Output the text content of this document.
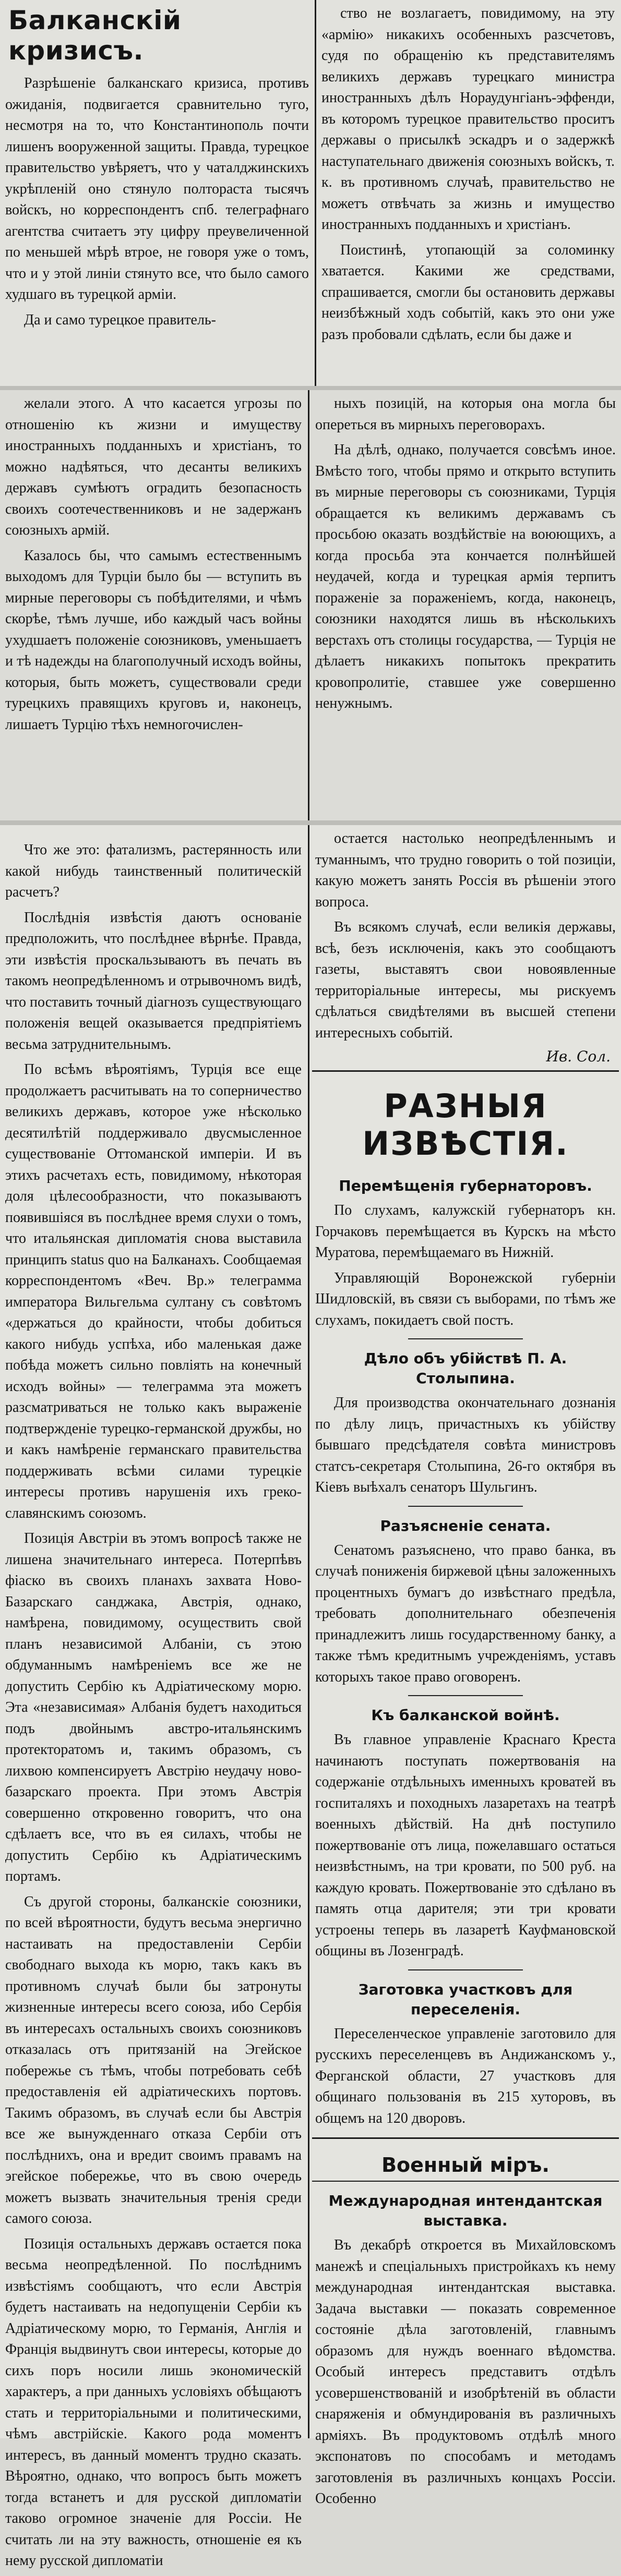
Балканскій кризисъ.

Разрѣшеніе балканскаго кризиса, противъ ожиданія, подвигается сравнительно туго, несмотря на то, что Константинополь почти лишенъ вооруженной защиты. Правда, турецкое правительство увѣряетъ, что у чаталджинскихъ укрѣпленій оно стянуло полтораста тысячъ войскъ, но корреспондентъ спб. телеграфнаго агентства считаетъ эту цифру преувеличенной по меньшей мѣрѣ втрое, не говоря уже о томъ, что и у этой линіи стянуто все, что было самого худшаго въ турецкой арміи.

Да и само турецкое правитель-

ство не возлагаетъ, повидимому, на эту «армію» никакихъ особенныхъ разсчетовъ, судя по обращенію къ представителямъ великихъ державъ турецкаго министра иностранныхъ дѣлъ Нораудунгіанъ-эффенди, въ которомъ турецкое правительство проситъ державы о присылкѣ эскадръ и о задержкѣ наступательнаго движенія союзныхъ войскъ, т. к. въ противномъ случаѣ, правительство не можетъ отвѣчать за жизнь и имущество иностранныхъ подданныхъ и христіанъ.

Поистинѣ, утопающій за соломинку хватается. Какими же средствами, спрашивается, смогли бы остановить державы неизбѣжный ходъ событій, какъ это они уже разъ пробовали сдѣлать, если бы даже и

желали этого. А что касается угрозы по отношенію къ жизни и имуществу иностранныхъ подданныхъ и христіанъ, то можно надѣяться, что десанты великихъ державъ сумѣютъ оградить безопасность своихъ соотечественниковъ и не задержанъ союзныхъ армій.

Казалось бы, что самымъ естественнымъ выходомъ для Турціи было бы — вступить въ мирные переговоры съ побѣдителями, и чѣмъ скорѣе, тѣмъ лучше, ибо каждый часъ войны ухудшаетъ положеніе союзниковъ, уменьшаетъ и тѣ надежды на благополучный исходъ войны, которыя, быть можетъ, существовали среди турецкихъ правящихъ круговъ и, наконецъ, лишаетъ Турцію тѣхъ немногочислен-

ныхъ позицій, на которыя она могла бы опереться въ мирныхъ переговорахъ.

На дѣлѣ, однако, получается совсѣмъ иное. Вмѣсто того, чтобы прямо и открыто вступить въ мирные переговоры съ союзниками, Турція обращается къ великимъ державамъ съ просьбою оказать воздѣйствіе на воюющихъ, а когда просьба эта кончается полнѣйшей неудачей, когда и турецкая армія терпитъ пораженіе за пораженіемъ, когда, наконецъ, союзники находятся лишь въ нѣсколькихъ верстахъ отъ столицы государства, — Турція не дѣлаетъ никакихъ попытокъ прекратить кровопролитіе, ставшее уже совершенно ненужнымъ.

Что же это: фатализмъ, растерянность или какой нибудь таинственный политическій расчетъ?

Послѣднія извѣстія даютъ основаніе предположить, что послѣднее вѣрнѣе. Правда, эти извѣстія проскальзываютъ въ печать въ такомъ неопредѣленномъ и отрывочномъ видѣ, что поставить точный діагнозъ существующаго положенія вещей оказывается предпріятіемъ весьма затруднительнымъ.

По всѣмъ вѣроятіямъ, Турція все еще продолжаетъ расчитывать на то соперничество великихъ державъ, которое уже нѣсколько десятилѣтій поддерживало двусмысленное существованіе Оттоманской имперіи. И въ этихъ расчетахъ есть, повидимому, нѣкоторая доля цѣлесообразности, что показываютъ появившіяся въ послѣднее время слухи о томъ, что итальянская дипломатія снова выставила принципъ status quo на Балканахъ. Сообщаемая корреспондентомъ «Веч. Вр.» телеграмма императора Вильгельма султану съ совѣтомъ «держаться до крайности, чтобы добиться какого нибудь успѣха, ибо маленькая даже побѣда можетъ сильно повліять на конечный исходъ войны» — телеграмма эта можетъ разсматриваться не только какъ выраженіе подтвержденіе турецко-германской дружбы, но и какъ намѣреніе германскаго правительства поддерживать всѣми силами турецкіе интересы противъ нарушенія ихъ греко-славянскимъ союзомъ.

Позиція Австріи въ этомъ вопросѣ также не лишена значительнаго интереса. Потерпѣвъ фіаско въ своихъ планахъ захвата Ново-Базарскаго санджака, Австрія, однако, намѣрена, повидимому, осуществить свой планъ независимой Албаніи, съ этою обдуманнымъ намѣреніемъ все же не допустить Сербію къ Адріатическому морю. Эта «независимая» Албанія будетъ находиться подъ двойнымъ австро-итальянскимъ протекторатомъ и, такимъ образомъ, съ лихвою компенсируетъ Австрію неудачу ново-базарскаго проекта. При этомъ Австрія совершенно откровенно говоритъ, что она сдѣлаетъ все, что въ ея силахъ, чтобы не допустить Сербію къ Адріатическимъ портамъ.

Съ другой стороны, балканскіе союзники, по всей вѣроятности, будутъ весьма энергично настаивать на предоставленіи Сербіи свободнаго выхода къ морю, такъ какъ въ противномъ случаѣ были бы затронуты жизненные интересы всего союза, ибо Сербія въ интересахъ остальныхъ своихъ союзниковъ отказалась отъ притязаній на Эгейское побережье съ тѣмъ, чтобы потребовать себѣ предоставленія ей адріатическихъ портовъ. Такимъ образомъ, въ случаѣ если бы Австрія все же вынужденнаго отказа Сербіи отъ послѣднихъ, она и вредит своимъ правамъ на эгейское побережье, что въ свою очередь можетъ вызвать значительныя тренія среди самого союза.

Позиція остальныхъ державъ остается пока весьма неопредѣленной. По послѣднимъ извѣстіямъ сообщаютъ, что если Австрія будетъ настаивать на недопущеніи Сербіи къ Адріатическому морю, то Германія, Англія и Франція выдвинутъ свои интересы, которые до сихъ поръ носили лишь экономическій характеръ, а при данныхъ условіяхъ обѣщаютъ стать и территоріальными и политическими, чѣмъ австрійскіе. Какого рода моментъ интересъ, въ данный моментъ трудно сказать. Вѣроятно, однако, что вопросъ быть можетъ тогда встанетъ и для русской дипломатіи таково огромное значеніе для Россіи. Не считать ли на эту важность, отношеніе ея къ нему русской дипломатіи

остается настолько неопредѣленнымъ и туманнымъ, что трудно говорить о той позиціи, какую можетъ занять Россія въ рѣшеніи этого вопроса.

Въ всякомъ случаѣ, если великія державы, всѣ, безъ исключенія, какъ это сообщаютъ газеты, выставятъ свои новоявленные территоріальные интересы, мы рискуемъ сдѣлаться свидѣтелями въ высшей степени интересныхъ событій.

Ив. Сол.
РАЗНЫЯ ИЗВѢСТІЯ.
Перемѣщенія губернаторовъ.

По слухамъ, калужскій губернаторъ кн. Горчаковъ перемѣщается въ Курскъ на мѣсто Муратова, перемѣщаемаго въ Нижній.

Управляющій Воронежской губерніи Шидловскій, въ связи съ выборами, по тѣмъ же слухамъ, покидаетъ свой постъ.

Дѣло объ убійствѣ П. А. Столыпина.

Для производства окончательнаго дознанія по дѣлу лицъ, причастныхъ къ убійству бывшаго предсѣдателя совѣта министровъ статсъ-секретаря Столыпина, 26-го октября въ Кіевъ выѣхалъ сенаторъ Шульгинъ.

Разъясненіе сената.

Сенатомъ разъяснено, что право банка, въ случаѣ пониженія биржевой цѣны заложенныхъ процентныхъ бумагъ до извѣстнаго предѣла, требовать дополнительнаго обезпеченія принадлежитъ лишь государственному банку, а также тѣмъ кредитнымъ учрежденіямъ, уставъ которыхъ такое право оговоренъ.

Къ балканской войнѣ.

Въ главное управленіе Краснаго Креста начинаютъ поступать пожертвованія на содержаніе отдѣльныхъ именныхъ кроватей въ госпиталяхъ и походныхъ лазаретахъ на театрѣ военныхъ дѣйствій. На днѣ поступило пожертвованіе отъ лица, пожелавшаго остаться неизвѣстнымъ, на три кровати, по 500 руб. на каждую кровать. Пожертвованіе это сдѣлано въ память отца дарителя; эти три кровати устроены теперь въ лазаретѣ Кауфмановской общины въ Лозенградѣ.

Заготовка участковъ для переселенія.

Переселенческое управленіе заготовило для русскихъ переселенцевъ въ Андижанскомъ у., Ферганской области, 27 участковъ для общинаго пользованія въ 215 хуторовъ, въ общемъ на 120 дворовъ.

Военный міръ.
Международная интендантская выставка.

Въ декабрѣ откроется въ Михайловскомъ манежѣ и спеціальныхъ пристройкахъ къ нему международная интендантская выставка. Задача выставки — показать современное состояніе дѣла заготовленій, главнымъ образомъ для нуждъ военнаго вѣдомства. Особый интересъ представитъ отдѣлъ усовершенствованій и изобрѣтеній въ области снаряженія и обмундированія въ различныхъ арміяхъ. Въ продуктовомъ отдѣлѣ много экспонатовъ по способамъ и методамъ заготовленія въ различныхъ концахъ Россіи. Особенно
